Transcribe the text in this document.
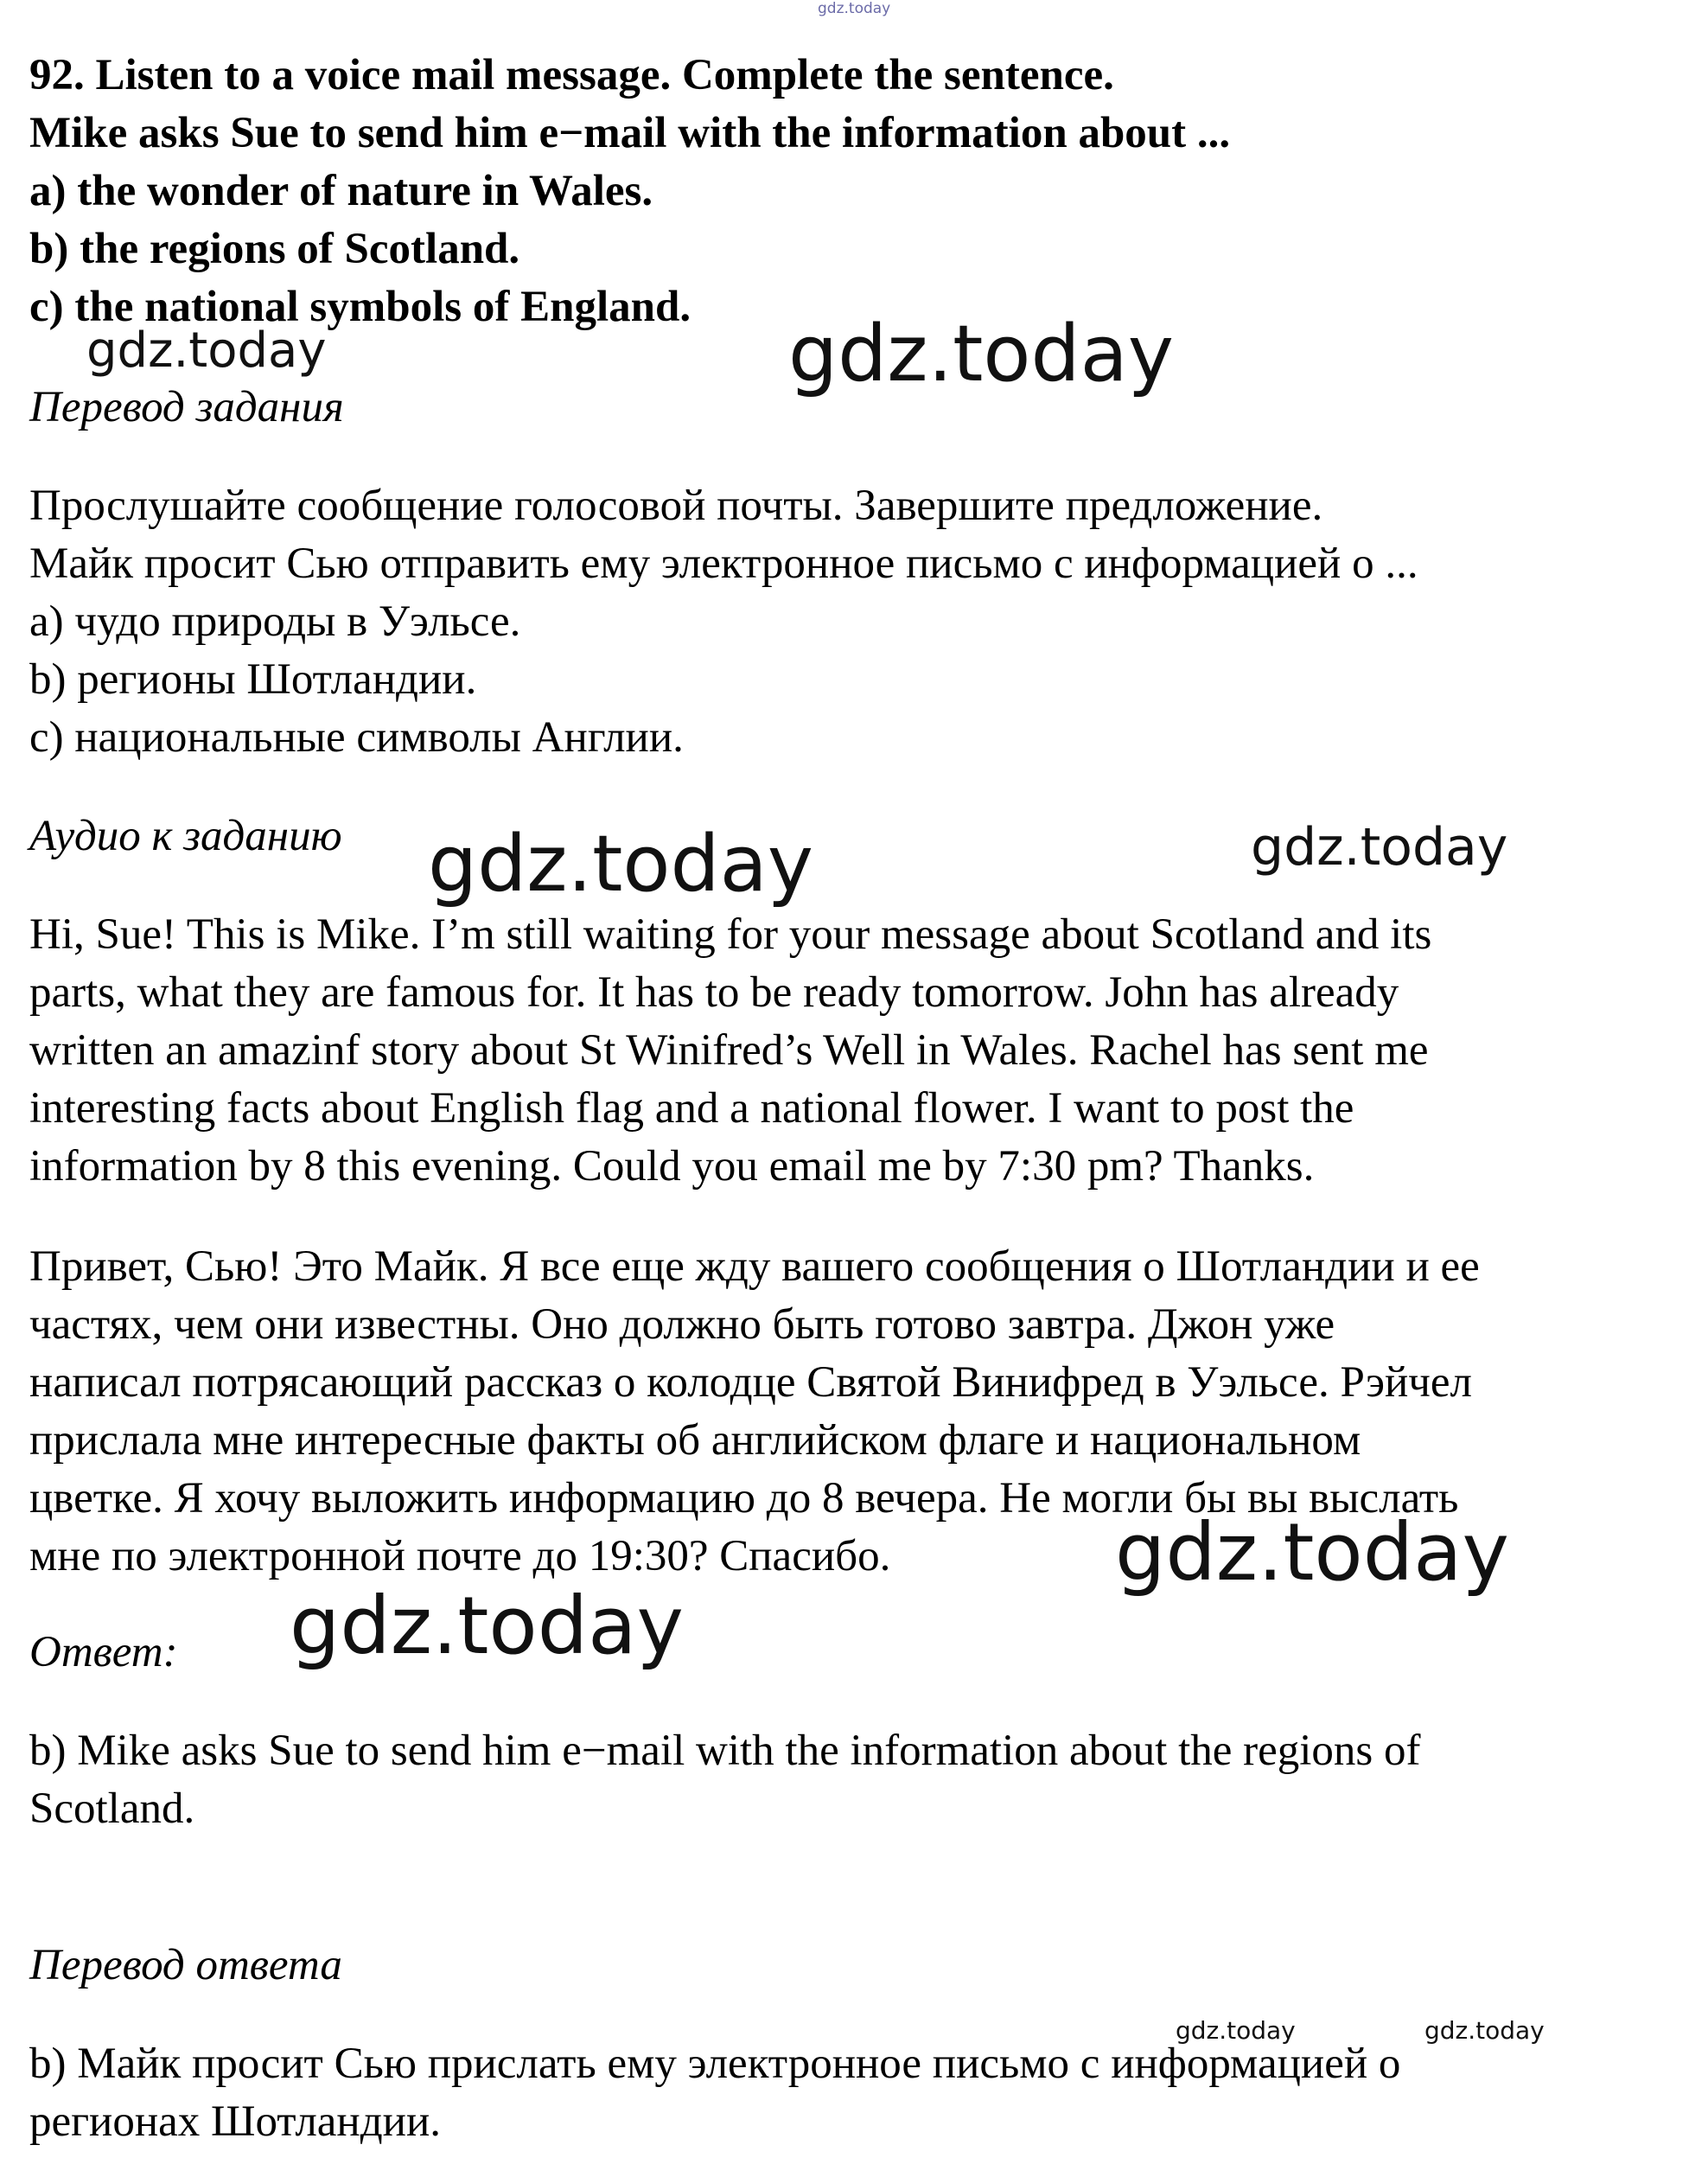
gdz.today
92. Listen to a voice mail message. Complete the sentence.
Mike asks Sue to send him e−mail with the information about ...
a) the wonder of nature in Wales.
b) the regions of Scotland.
c) the national symbols of England.
gdz.today	gdz.today
Перевод задания
Прослушайте сообщение голосовой почты. Завершите предложение.
Майк просит Сью отправить ему электронное письмо с информацией о ...
a) чудо природы в Уэльсе.
b) регионы Шотландии.
c) национальные символы Англии.
Аудио к заданию gdz.today	gdz.today
Hi, Sue! This is Mike. I’m still waiting for your message about Scotland and its
parts, what they are famous for. It has to be ready tomorrow. John has already
written an amazinf story about St Winifred’s Well in Wales. Rachel has sent me
interesting facts about English flag and a national flower. I want to post the
information by 8 this evening. Could you email me by 7:30 pm? Thanks.
Привет, Сью! Это Майк. Я все еще жду вашего сообщения о Шотландии и ее
частях, чем они известны. Оно должно быть готово завтра. Джон уже
написал потрясающий рассказ о колодце Святой Винифред в Уэльсе. Рэйчел
прислала мне интересные факты об английском флаге и национальном
цветке. Я хочу выложить информацию до 8 вечера. Не могли бы вы выслать
мне по электронной почте до 19:30? Спасибо.	gdz.today
gdz.today
Ответ:
b) Mike asks Sue to send him e−mail with the information about the regions of
Scotland.
Перевод ответа
gdz.today	gdz.today
b) Майк просит Сью прислать ему электронное письмо с информацией о
регионах Шотландии.
